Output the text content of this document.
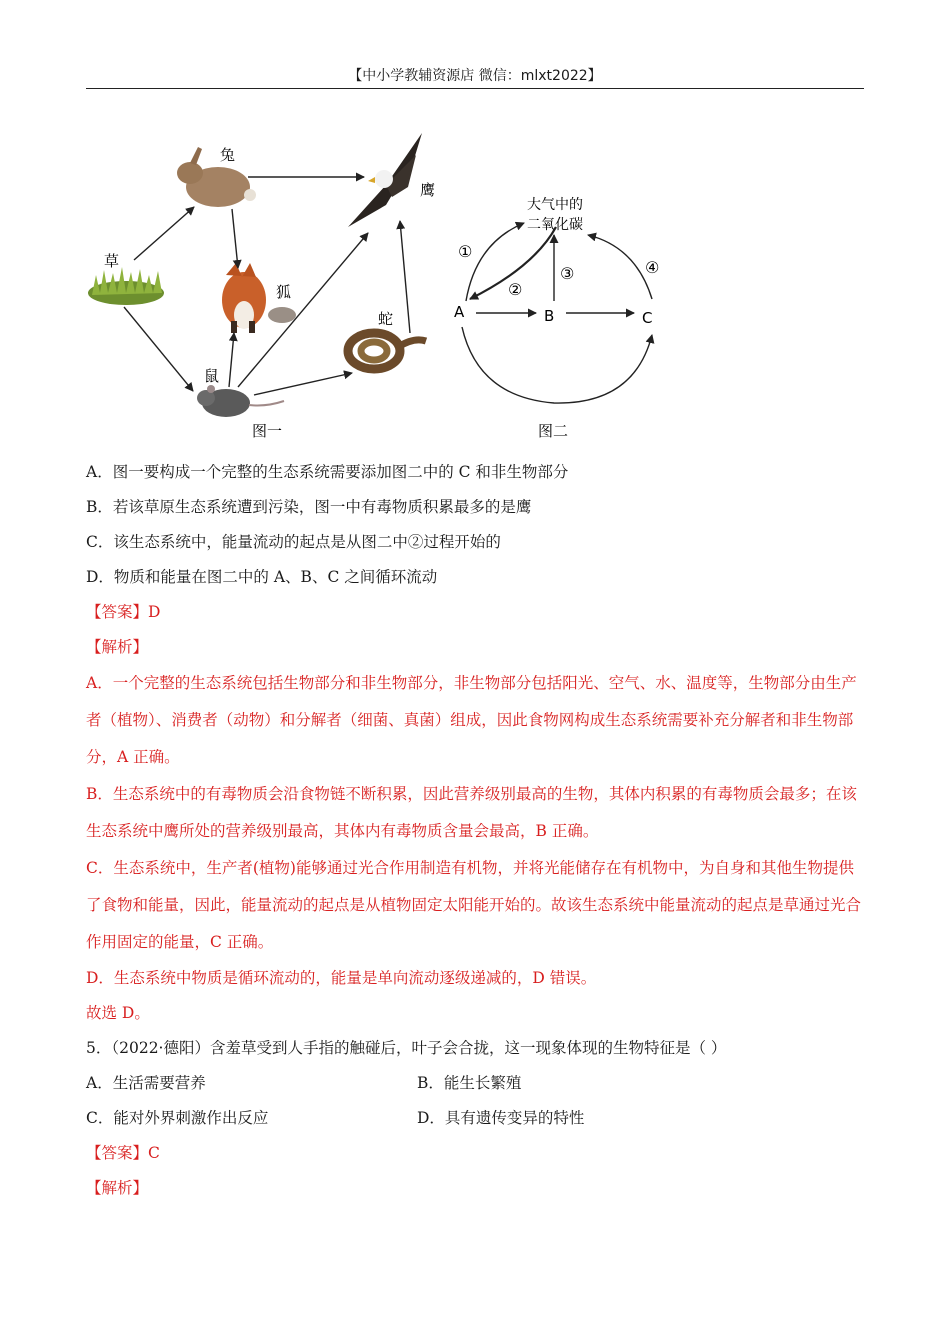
【中小学教辅资源店 微信：mlxt2022】
草
兔
鹰
狐
蛇
鼠
图一
大气中的
二氧化碳
A	B	C
①
②
③	④
图二
A．图一要构成一个完整的生态系统需要添加图二中的 C 和非生物部分
B．若该草原生态系统遭到污染，图一中有毒物质积累最多的是鹰
C．该生态系统中，能量流动的起点是从图二中②过程开始的
D．物质和能量在图二中的 A、B、C 之间循环流动
【答案】D
【解析】
A．一个完整的生态系统包括生物部分和非生物部分，非生物部分包括阳光、空气、水、温度等，生物部分由生产者（植物）、消费者（动物）和分解者（细菌、真菌）组成，因此食物网构成生态系统需要补充分解者和非生物部分，A 正确。
B．生态系统中的有毒物质会沿食物链不断积累，因此营养级别最高的生物，其体内积累的有毒物质会最多；在该生态系统中鹰所处的营养级别最高，其体内有毒物质含量会最高，B 正确。
C．生态系统中，生产者(植物)能够通过光合作用制造有机物，并将光能储存在有机物中，为自身和其他生物提供了食物和能量，因此，能量流动的起点是从植物固定太阳能开始的。故该生态系统中能量流动的起点是草通过光合作用固定的能量，C 正确。
D．生态系统中物质是循环流动的，能量是单向流动逐级递减的，D 错误。
故选 D。
5．（2022·德阳）含羞草受到人手指的触碰后，叶子会合拢，这一现象体现的生物特征是（ ）
A．生活需要营养	B．能生长繁殖
C．能对外界刺激作出反应	D．具有遗传变异的特性
【答案】C
【解析】
